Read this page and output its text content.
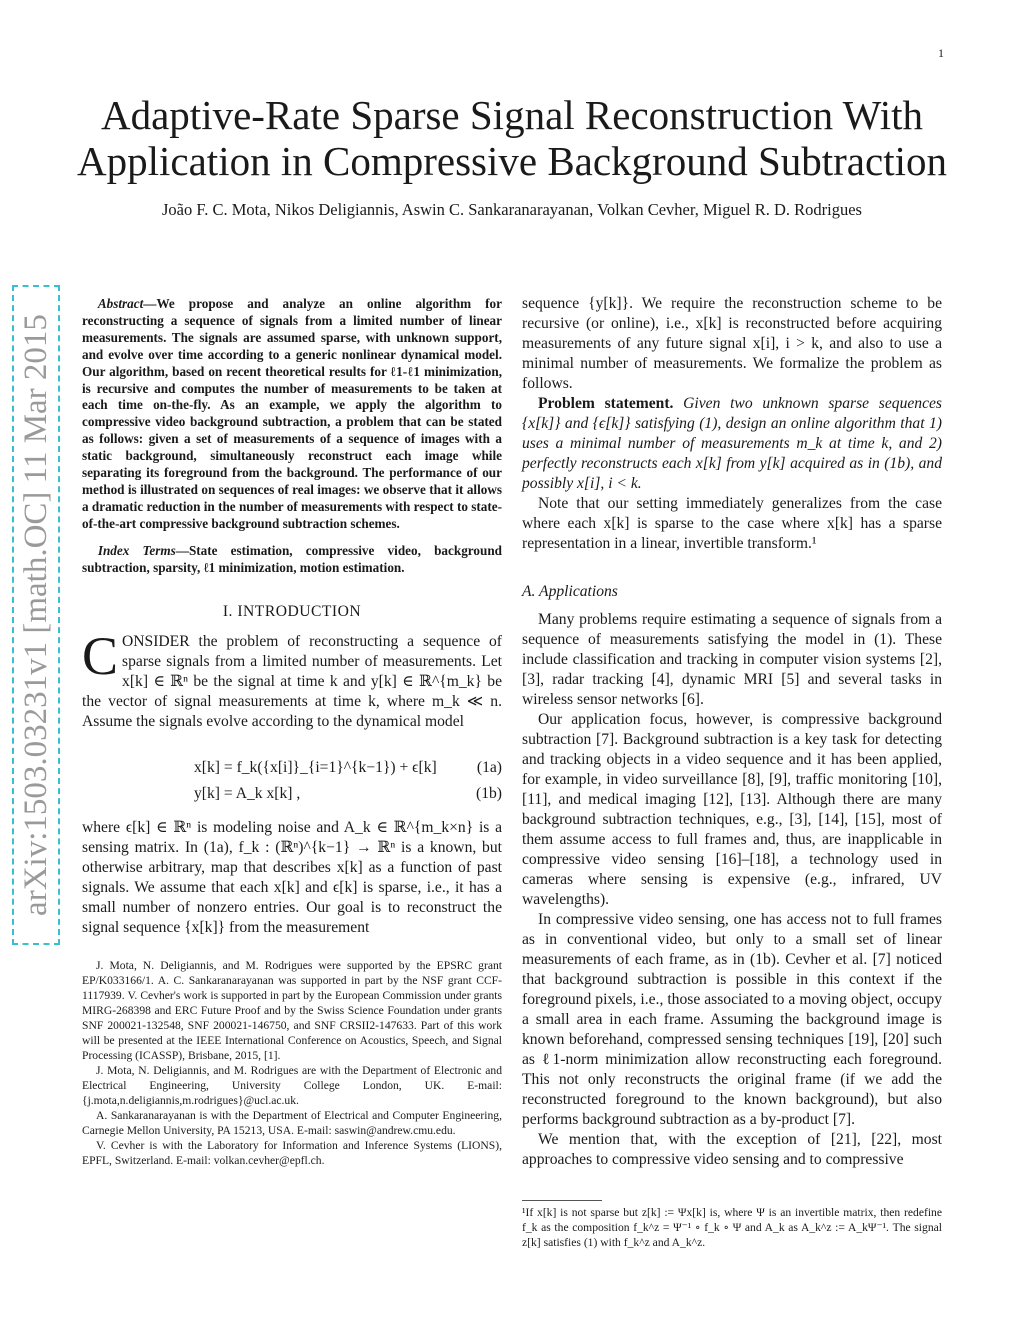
1
Adaptive-Rate Sparse Signal Reconstruction With Application in Compressive Background Subtraction
João F. C. Mota, Nikos Deligiannis, Aswin C. Sankaranarayanan, Volkan Cevher, Miguel R. D. Rodrigues
arXiv:1503.03231v1 [math.OC] 11 Mar 2015

Abstract—We propose and analyze an online algorithm for reconstructing a sequence of signals from a limited number of linear measurements. The signals are assumed sparse, with unknown support, and evolve over time according to a generic nonlinear dynamical model. Our algorithm, based on recent theoretical results for ℓ1-ℓ1 minimization, is recursive and computes the number of measurements to be taken at each time on-the-fly. As an example, we apply the algorithm to compressive video background subtraction, a problem that can be stated as follows: given a set of measurements of a sequence of images with a static background, simultaneously reconstruct each image while separating its foreground from the background. The performance of our method is illustrated on sequences of real images: we observe that it allows a dramatic reduction in the number of measurements with respect to state-of-the-art compressive background subtraction schemes.

Index Terms—State estimation, compressive video, background subtraction, sparsity, ℓ1 minimization, motion estimation.

I. INTRODUCTION

CONSIDER the problem of reconstructing a sequence of sparse signals from a limited number of measurements. Let x[k] ∈ ℝⁿ be the signal at time k and y[k] ∈ ℝ^{m_k} be the vector of signal measurements at time k, where m_k ≪ n. Assume the signals evolve according to the dynamical model

x[k] = f_k({x[i]}_{i=1}^{k−1}) + ϵ[k]	(1a)
y[k] = A_k x[k] ,	(1b)

where ϵ[k] ∈ ℝⁿ is modeling noise and A_k ∈ ℝ^{m_k×n} is a sensing matrix. In (1a), f_k : (ℝⁿ)^{k−1} → ℝⁿ is a known, but otherwise arbitrary, map that describes x[k] as a function of past signals. We assume that each x[k] and ϵ[k] is sparse, i.e., it has a small number of nonzero entries. Our goal is to reconstruct the signal sequence {x[k]} from the measurement

J. Mota, N. Deligiannis, and M. Rodrigues were supported by the EPSRC grant EP/K033166/1. A. C. Sankaranarayanan was supported in part by the NSF grant CCF-1117939. V. Cevher's work is supported in part by the European Commission under grants MIRG-268398 and ERC Future Proof and by the Swiss Science Foundation under grants SNF 200021-132548, SNF 200021-146750, and SNF CRSII2-147633. Part of this work will be presented at the IEEE International Conference on Acoustics, Speech, and Signal Processing (ICASSP), Brisbane, 2015, [1].

J. Mota, N. Deligiannis, and M. Rodrigues are with the Department of Electronic and Electrical Engineering, University College London, UK. E-mail: {j.mota,n.deligiannis,m.rodrigues}@ucl.ac.uk.

A. Sankaranarayanan is with the Department of Electrical and Computer Engineering, Carnegie Mellon University, PA 15213, USA. E-mail: saswin@andrew.cmu.edu.

V. Cevher is with the Laboratory for Information and Inference Systems (LIONS), EPFL, Switzerland. E-mail: volkan.cevher@epfl.ch.

sequence {y[k]}. We require the reconstruction scheme to be recursive (or online), i.e., x[k] is reconstructed before acquiring measurements of any future signal x[i], i > k, and also to use a minimal number of measurements. We formalize the problem as follows.

Problem statement. Given two unknown sparse sequences {x[k]} and {ϵ[k]} satisfying (1), design an online algorithm that 1) uses a minimal number of measurements m_k at time k, and 2) perfectly reconstructs each x[k] from y[k] acquired as in (1b), and possibly x[i], i < k.

Note that our setting immediately generalizes from the case where each x[k] is sparse to the case where x[k] has a sparse representation in a linear, invertible transform.¹

A. Applications

Many problems require estimating a sequence of signals from a sequence of measurements satisfying the model in (1). These include classification and tracking in computer vision systems [2], [3], radar tracking [4], dynamic MRI [5] and several tasks in wireless sensor networks [6].

Our application focus, however, is compressive background subtraction [7]. Background subtraction is a key task for detecting and tracking objects in a video sequence and it has been applied, for example, in video surveillance [8], [9], traffic monitoring [10], [11], and medical imaging [12], [13]. Although there are many background subtraction techniques, e.g., [3], [14], [15], most of them assume access to full frames and, thus, are inapplicable in compressive video sensing [16]–[18], a technology used in cameras where sensing is expensive (e.g., infrared, UV wavelengths).

In compressive video sensing, one has access not to full frames as in conventional video, but only to a small set of linear measurements of each frame, as in (1b). Cevher et al. [7] noticed that background subtraction is possible in this context if the foreground pixels, i.e., those associated to a moving object, occupy a small area in each frame. Assuming the background image is known beforehand, compressed sensing techniques [19], [20] such as ℓ1-norm minimization allow reconstructing each foreground. This not only reconstructs the original frame (if we add the reconstructed foreground to the known background), but also performs background subtraction as a by-product [7].

We mention that, with the exception of [21], [22], most approaches to compressive video sensing and to compressive

¹If x[k] is not sparse but z[k] := Ψx[k] is, where Ψ is an invertible matrix, then redefine f_k as the composition f_k^z = Ψ⁻¹ ∘ f_k ∘ Ψ and A_k as A_k^z := A_kΨ⁻¹. The signal z[k] satisfies (1) with f_k^z and A_k^z.
